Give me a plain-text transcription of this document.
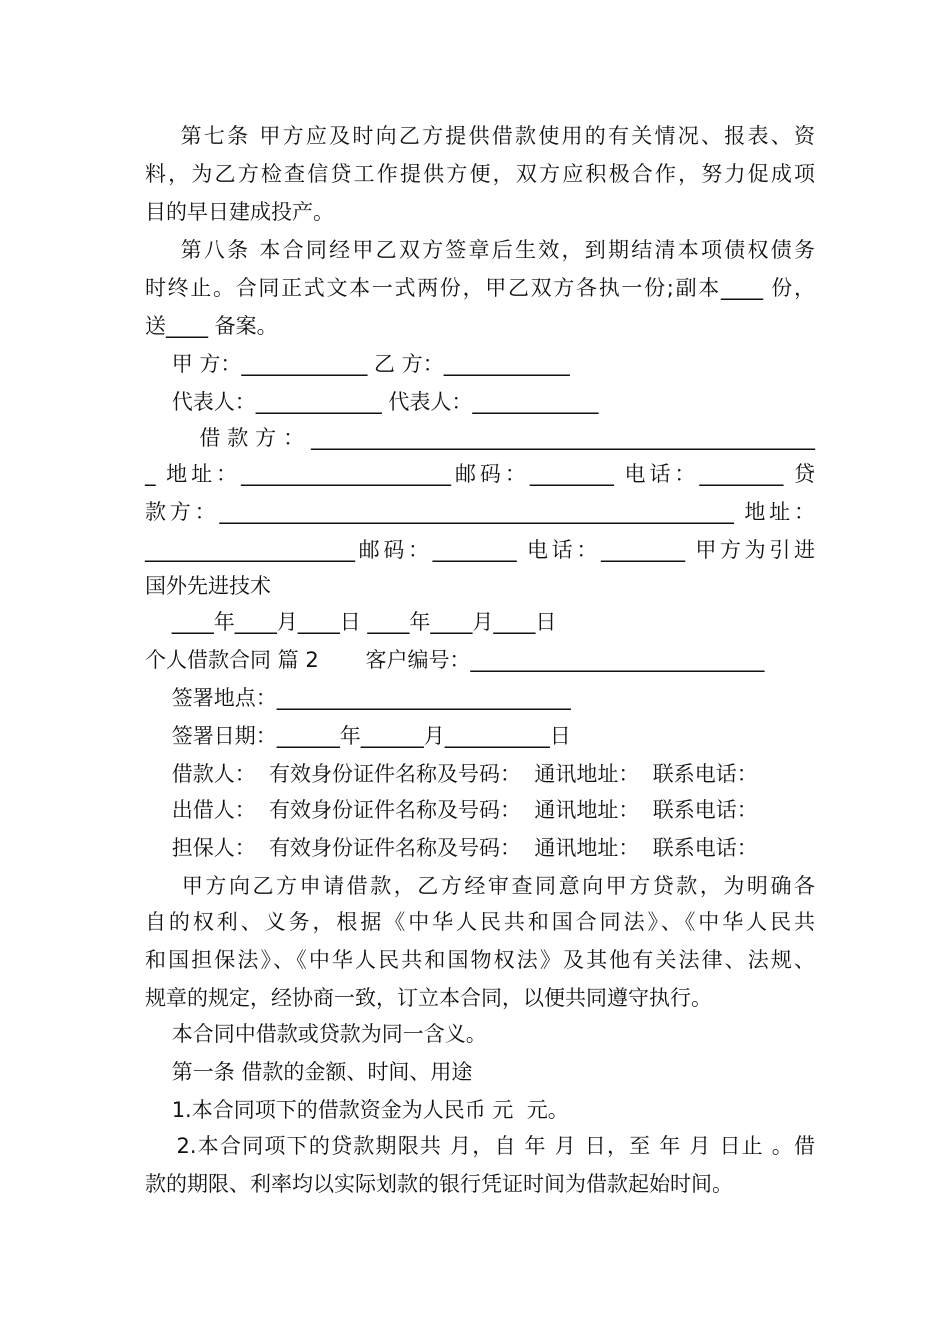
第七条 甲方应及时向乙方提供借款使用的有关情况、报表、资
料，为乙方检查信贷工作提供方便，双方应积极合作，努力促成项
目的早日建成投产。
第八条 本合同经甲乙双方签章后生效，到期结清本项债权债务
时终止。合同正式文本一式两份，甲乙双方各执一份;副本____ 份，
送____ 备案。
甲 方：____________ 乙 方：____________
代表人：____________ 代表人：____________
借款方：________________________________________________
_ 地址：____________________邮码：________ 电话：________ 贷
款方：_________________________________________________ 地址：
____________________邮码：________ 电话：________ 甲方为引进
国外先进技术
____年____月____日 ____年____月____日
个人借款合同 篇 2       客户编号：____________________________
签署地点：____________________________
签署日期：______年______月__________日
借款人：  有效身份证件名称及号码：  通讯地址：  联系电话：
出借人：  有效身份证件名称及号码：  通讯地址：  联系电话：
担保人：  有效身份证件名称及号码：  通讯地址：  联系电话：
甲方向乙方申请借款，乙方经审查同意向甲方贷款，为明确各
自的权利、义务，根据《中华人民共和国合同法》、《中华人民共
和国担保法》、《中华人民共和国物权法》及其他有关法律、法规、
规章的规定，经协商一致，订立本合同，以便共同遵守执行。
本合同中借款或贷款为同一含义。
第一条 借款的金额、时间、用途
1.本合同项下的借款资金为人民币 元  元。
2.本合同项下的贷款期限共 月，自 年 月 日，至 年 月 日止 。借
款的期限、利率均以实际划款的银行凭证时间为借款起始时间。
